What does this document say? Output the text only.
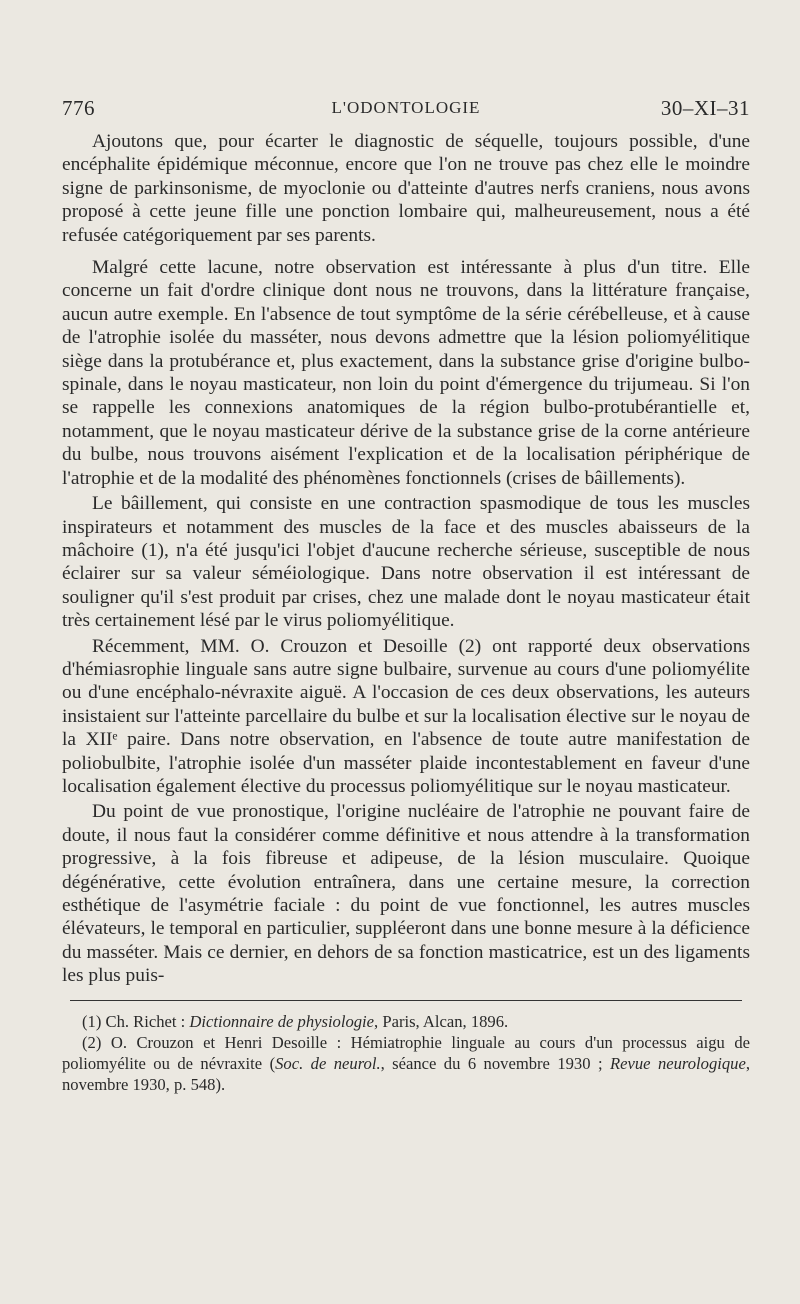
776	L'ODONTOLOGIE	30–XI–31

Ajoutons que, pour écarter le diagnostic de séquelle, toujours possible, d'une encéphalite épidémique méconnue, encore que l'on ne trouve pas chez elle le moindre signe de parkinsonisme, de myoclonie ou d'atteinte d'autres nerfs craniens, nous avons proposé à cette jeune fille une ponction lombaire qui, malheureusement, nous a été refusée catégoriquement par ses parents.

Malgré cette lacune, notre observation est intéressante à plus d'un titre. Elle concerne un fait d'ordre clinique dont nous ne trouvons, dans la littérature française, aucun autre exemple. En l'absence de tout symptôme de la série cérébelleuse, et à cause de l'atrophie isolée du masséter, nous devons admettre que la lésion poliomyélitique siège dans la protubérance et, plus exactement, dans la substance grise d'origine bulbo-spinale, dans le noyau masticateur, non loin du point d'émergence du trijumeau. Si l'on se rappelle les connexions anatomiques de la région bulbo-protubérantielle et, notamment, que le noyau masticateur dérive de la substance grise de la corne antérieure du bulbe, nous trouvons aisément l'explication et de la localisation périphérique de l'atrophie et de la modalité des phénomènes fonctionnels (crises de bâillements).

Le bâillement, qui consiste en une contraction spasmodique de tous les muscles inspirateurs et notamment des muscles de la face et des muscles abaisseurs de la mâchoire (1), n'a été jusqu'ici l'objet d'aucune recherche sérieuse, susceptible de nous éclairer sur sa valeur séméiologique. Dans notre observation il est intéressant de souligner qu'il s'est produit par crises, chez une malade dont le noyau masticateur était très certainement lésé par le virus poliomyélitique.

Récemment, MM. O. Crouzon et Desoille (2) ont rapporté deux observations d'hémiasrophie linguale sans autre signe bulbaire, survenue au cours d'une poliomyélite ou d'une encéphalo-névraxite aiguë. A l'occasion de ces deux observations, les auteurs insistaient sur l'atteinte parcellaire du bulbe et sur la localisation élective sur le noyau de la XIIᵉ paire. Dans notre observation, en l'absence de toute autre manifestation de poliobulbite, l'atrophie isolée d'un masséter plaide incontestablement en faveur d'une localisation également élective du processus poliomyélitique sur le noyau masticateur.

Du point de vue pronostique, l'origine nucléaire de l'atrophie ne pouvant faire de doute, il nous faut la considérer comme définitive et nous attendre à la transformation progressive, à la fois fibreuse et adipeuse, de la lésion musculaire. Quoique dégénérative, cette évolution entraînera, dans une certaine mesure, la correction esthétique de l'asymétrie faciale : du point de vue fonctionnel, les autres muscles élévateurs, le temporal en particulier, suppléeront dans une bonne mesure à la déficience du masséter. Mais ce dernier, en dehors de sa fonction masticatrice, est un des ligaments les plus puis-

(1) Ch. Richet : Dictionnaire de physiologie, Paris, Alcan, 1896.

(2) O. Crouzon et Henri Desoille : Hémiatrophie linguale au cours d'un processus aigu de poliomyélite ou de névraxite (Soc. de neurol., séance du 6 novembre 1930 ; Revue neurologique, novembre 1930, p. 548).
